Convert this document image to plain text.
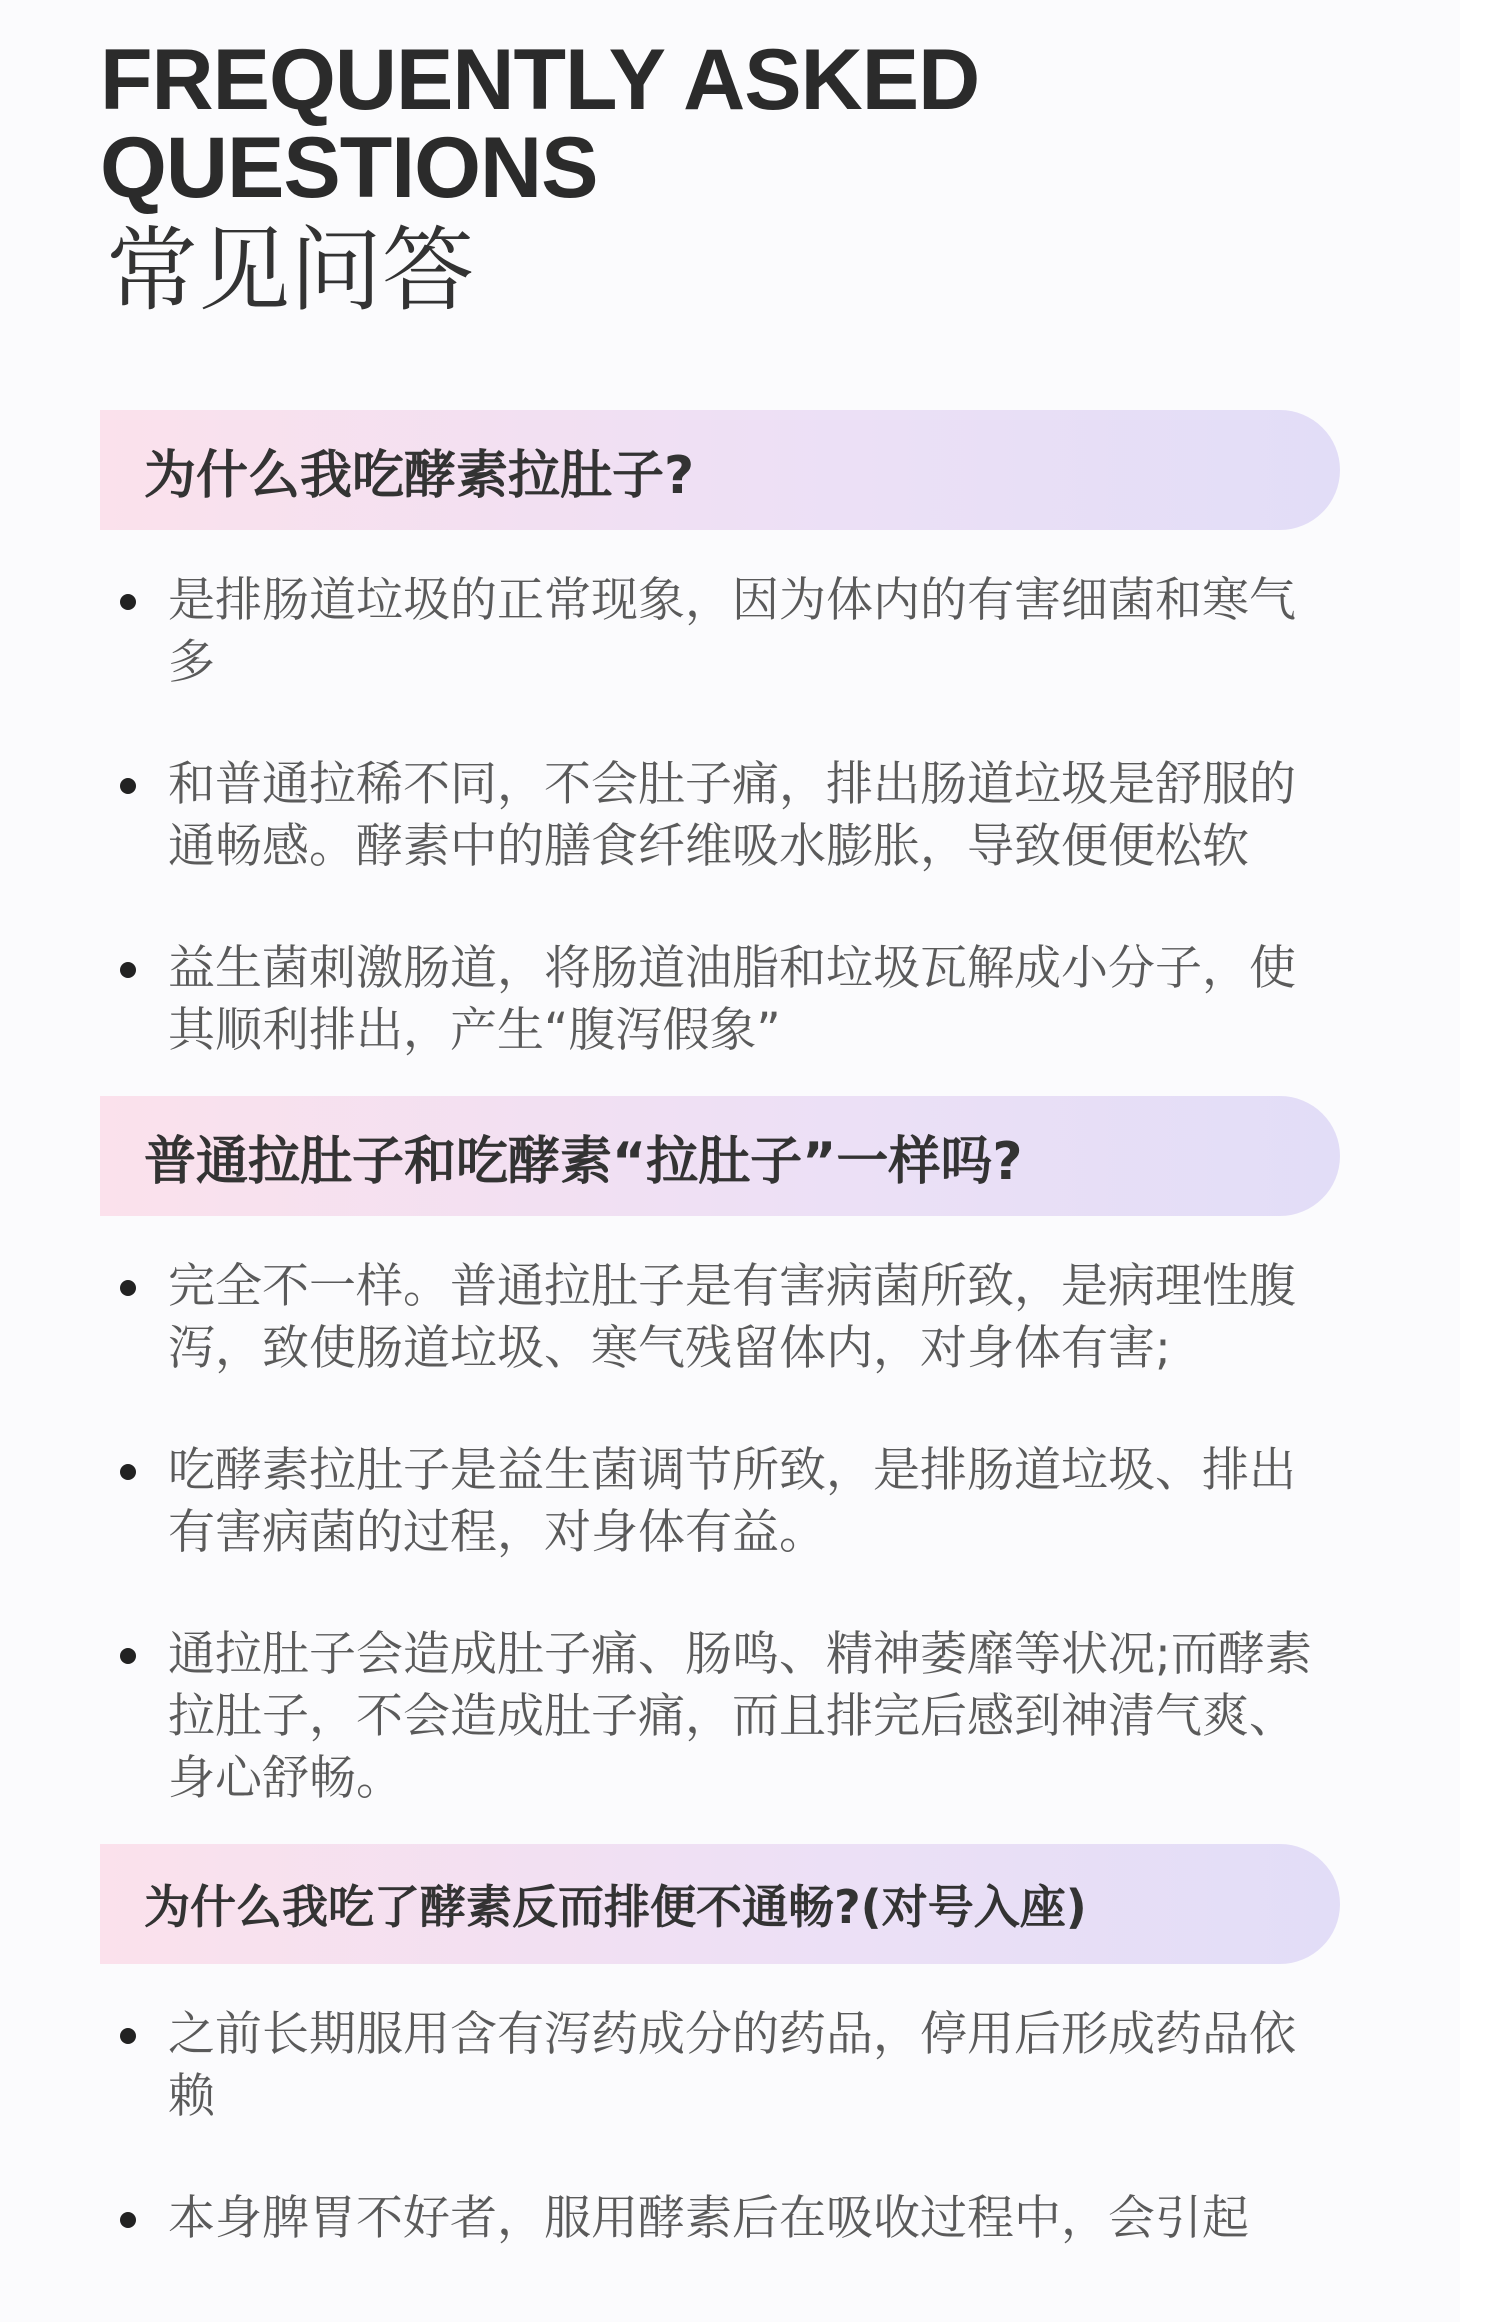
FREQUENTLY ASKED
QUESTIONS
常见问答
为什么我吃酵素拉肚子?
是排肠道垃圾的正常现象，因为体内的有害细菌和寒气多
和普通拉稀不同，不会肚子痛，排出肠道垃圾是舒服的通畅感。酵素中的膳食纤维吸水膨胀，导致便便松软
益生菌刺激肠道，将肠道油脂和垃圾瓦解成小分子，使其顺利排出，产生“腹泻假象”
普通拉肚子和吃酵素“拉肚子”一样吗?
完全不一样。普通拉肚子是有害病菌所致，是病理性腹泻，致使肠道垃圾、寒气残留体内，对身体有害;
吃酵素拉肚子是益生菌调节所致，是排肠道垃圾、排出有害病菌的过程，对身体有益。
通拉肚子会造成肚子痛、肠鸣、精神萎靡等状况;而酵素拉肚子，不会造成肚子痛，而且排完后感到神清气爽、身心舒畅。
为什么我吃了酵素反而排便不通畅?(对号入座)
之前长期服用含有泻药成分的药品，停用后形成药品依赖
本身脾胃不好者，服用酵素后在吸收过程中，会引起
